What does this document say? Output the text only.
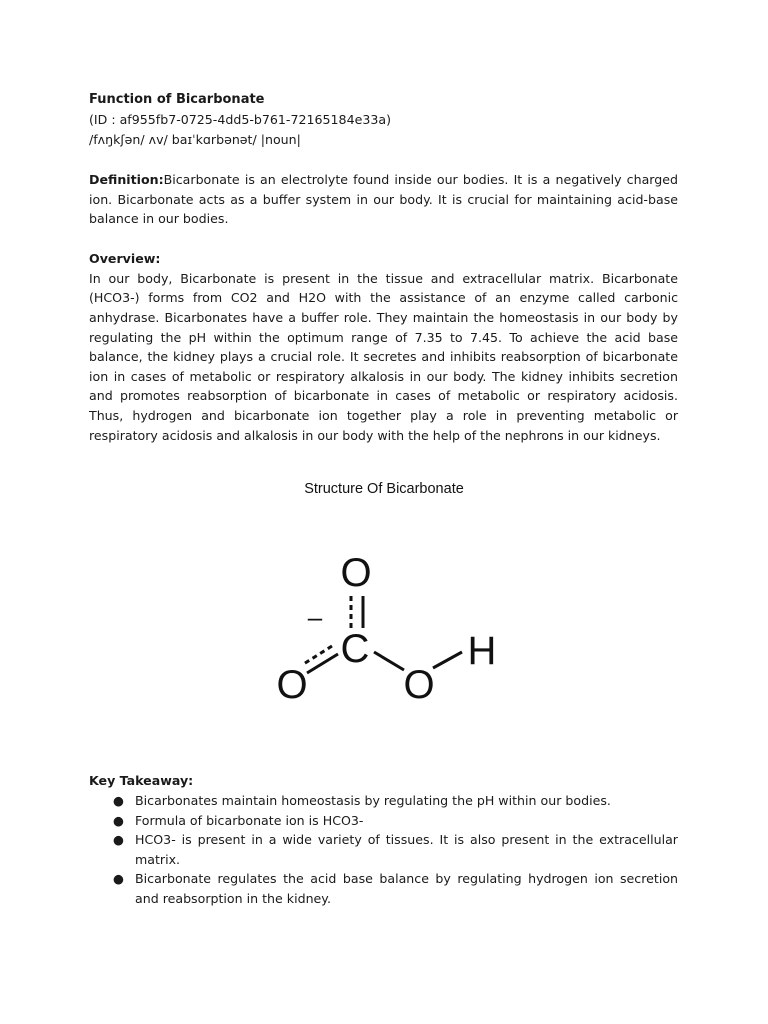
Function of Bicarbonate

(ID : af955fb7-0725-4dd5-b761-72165184e33a)

/fʌŋkʃən/ ʌv/ baɪˈkɑrbənət/ |noun|

Definition:Bicarbonate is an electrolyte found inside our bodies. It is a negatively charged ion. Bicarbonate acts as a buffer system in our body. It is crucial for maintaining acid-base balance in our bodies.

Overview:

In our body, Bicarbonate is present in the tissue and extracellular matrix. Bicarbonate (HCO3-) forms from CO2 and H2O with the assistance of an enzyme called carbonic anhydrase. Bicarbonates have a buffer role. They maintain the homeostasis in our body by regulating the pH within the optimum range of 7.35 to 7.45. To achieve the acid base balance, the kidney plays a crucial role. It secretes and inhibits reabsorption of bicarbonate ion in cases of metabolic or respiratory alkalosis in our body. The kidney inhibits secretion and promotes reabsorption of bicarbonate in cases of metabolic or respiratory acidosis. Thus, hydrogen and bicarbonate ion together play a role in preventing metabolic or respiratory acidosis and alkalosis in our body with the help of the nephrons in our kidneys.

Structure Of Bicarbonate
O
C
O O
H
–

Key Takeaway:

● Bicarbonates maintain homeostasis by regulating the pH within our bodies.
● Formula of bicarbonate ion is HCO3-
● HCO3- is present in a wide variety of tissues. It is also present in the extracellular matrix.
● Bicarbonate regulates the acid base balance by regulating hydrogen ion secretion and reabsorption in the kidney.
